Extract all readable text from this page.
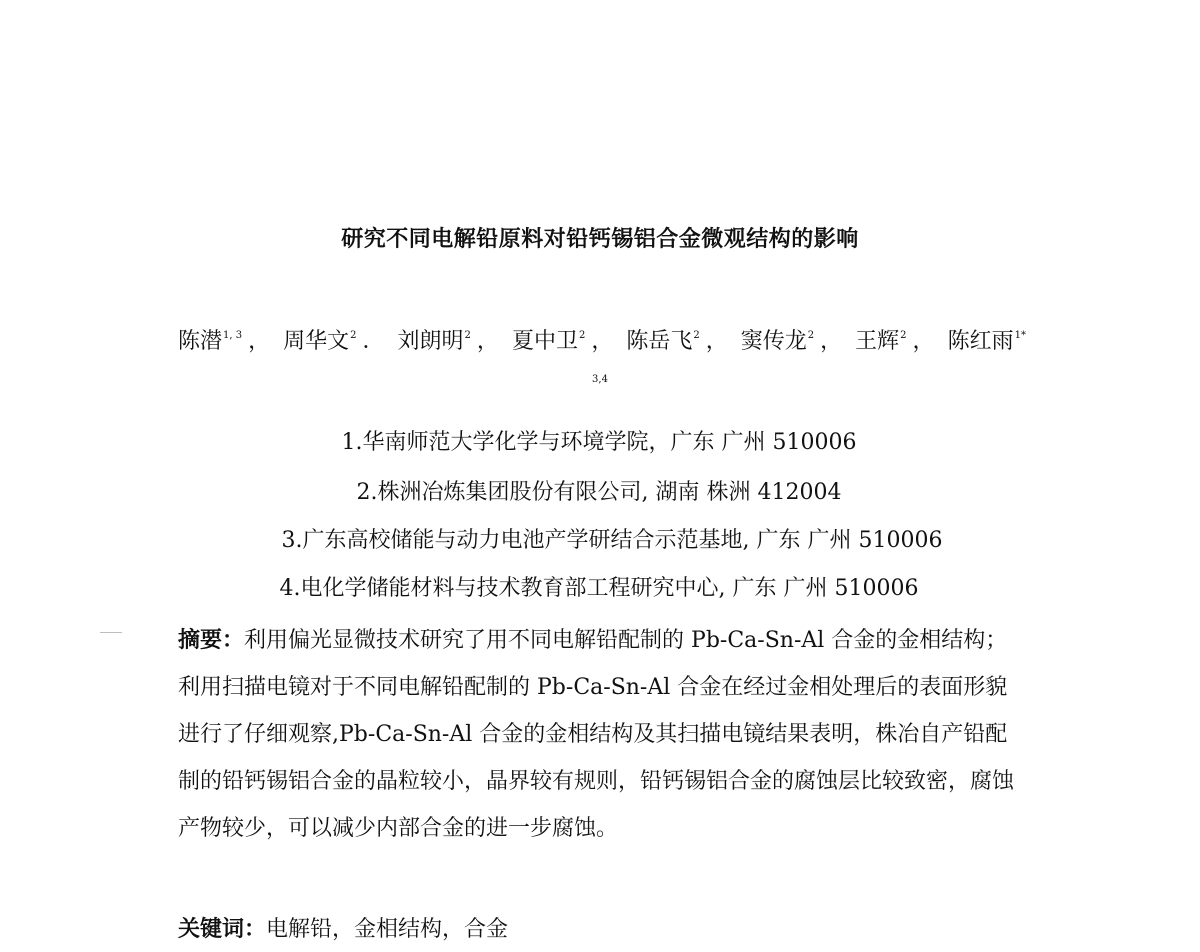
研究不同电解铅原料对铅钙锡铝合金微观结构的影响
陈潜$^{1, 3}$ ， 周华文$^2$ ． 刘朗明$^2$ ， 夏中卫$^2$ ， 陈岳飞$^2$ ， 窦传龙$^2$ ， 王辉$^2$ ， 陈红雨$^{1*}$
3,4
1.华南师范大学化学与环境学院，广东 广州 510006
2.株洲冶炼集团股份有限公司, 湖南 株洲 412004
3.广东高校储能与动力电池产学研结合示范基地, 广东 广州 510006
4.电化学储能材料与技术教育部工程研究中心, 广东 广州 510006
摘要：利用偏光显微技术研究了用不同电解铅配制的 Pb-Ca-Sn-Al 合金的金相结构；利用扫描电镜对于不同电解铅配制的 Pb-Ca-Sn-Al 合金在经过金相处理后的表面形貌进行了仔细观察,Pb-Ca-Sn-Al 合金的金相结构及其扫描电镜结果表明，株冶自产铅配制的铅钙锡铝合金的晶粒较小，晶界较有规则，铅钙锡铝合金的腐蚀层比较致密，腐蚀产物较少，可以减少内部合金的进一步腐蚀。
关键词：电解铅，金相结构，合金
